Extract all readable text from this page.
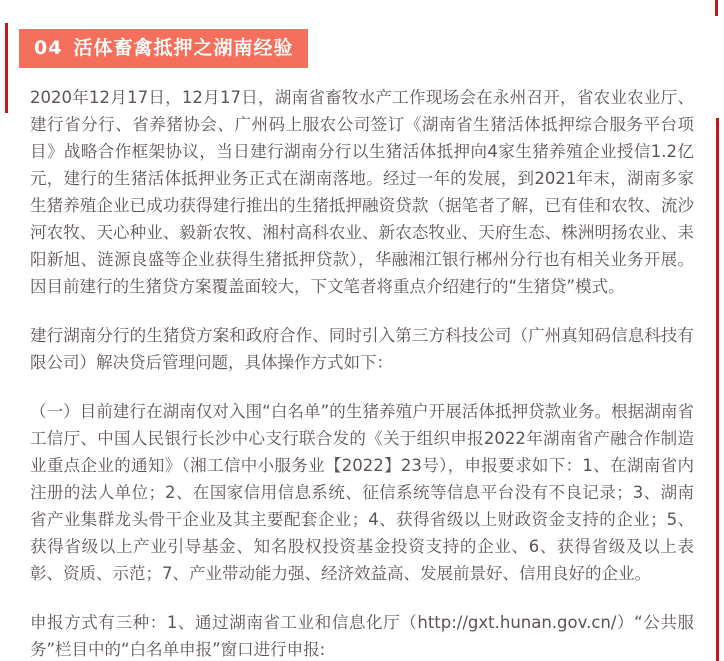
04 活体畜禽抵押之湖南经验

2020年12月17日，12月17日，湖南省畜牧水产工作现场会在永州召开，省农业农业厅、建行省分行、省养猪协会、广州码上服农公司签订《湖南省生猪活体抵押综合服务平台项目》战略合作框架协议，当日建行湖南分行以生猪活体抵押向4家生猪养殖企业授信1.2亿元，建行的生猪活体抵押业务正式在湖南落地。经过一年的发展，到2021年末，湖南多家生猪养殖企业已成功获得建行推出的生猪抵押融资贷款（据笔者了解，已有佳和农牧、流沙河农牧、天心种业、毅新农牧、湘村高科农业、新农态牧业、天府生态、株洲明扬农业、耒阳新旭、涟源良盛等企业获得生猪抵押贷款），华融湘江银行郴州分行也有相关业务开展。因目前建行的生猪贷方案覆盖面较大，下文笔者将重点介绍建行的“生猪贷”模式。

建行湖南分行的生猪贷方案和政府合作、同时引入第三方科技公司（广州真知码信息科技有限公司）解决贷后管理问题，具体操作方式如下：

（一）目前建行在湖南仅对入围“白名单”的生猪养殖户开展活体抵押贷款业务。根据湖南省工信厅、中国人民银行长沙中心支行联合发的《关于组织申报2022年湖南省产融合作制造业重点企业的通知》（湘工信中小服务业【2022】23号），申报要求如下：1、在湖南省内注册的法人单位；2、在国家信用信息系统、征信系统等信息平台没有不良记录；3、湖南省产业集群龙头骨干企业及其主要配套企业；4、获得省级以上财政资金支持的企业；5、获得省级以上产业引导基金、知名股权投资基金投资支持的企业、6、获得省级及以上表彰、资质、示范；7、产业带动能力强、经济效益高、发展前景好、信用良好的企业。

申报方式有三种：1、通过湖南省工业和信息化厅（http://gxt.hunan.gov.cn/）“公共服务”栏目中的“白名单申报”窗口进行申报:
